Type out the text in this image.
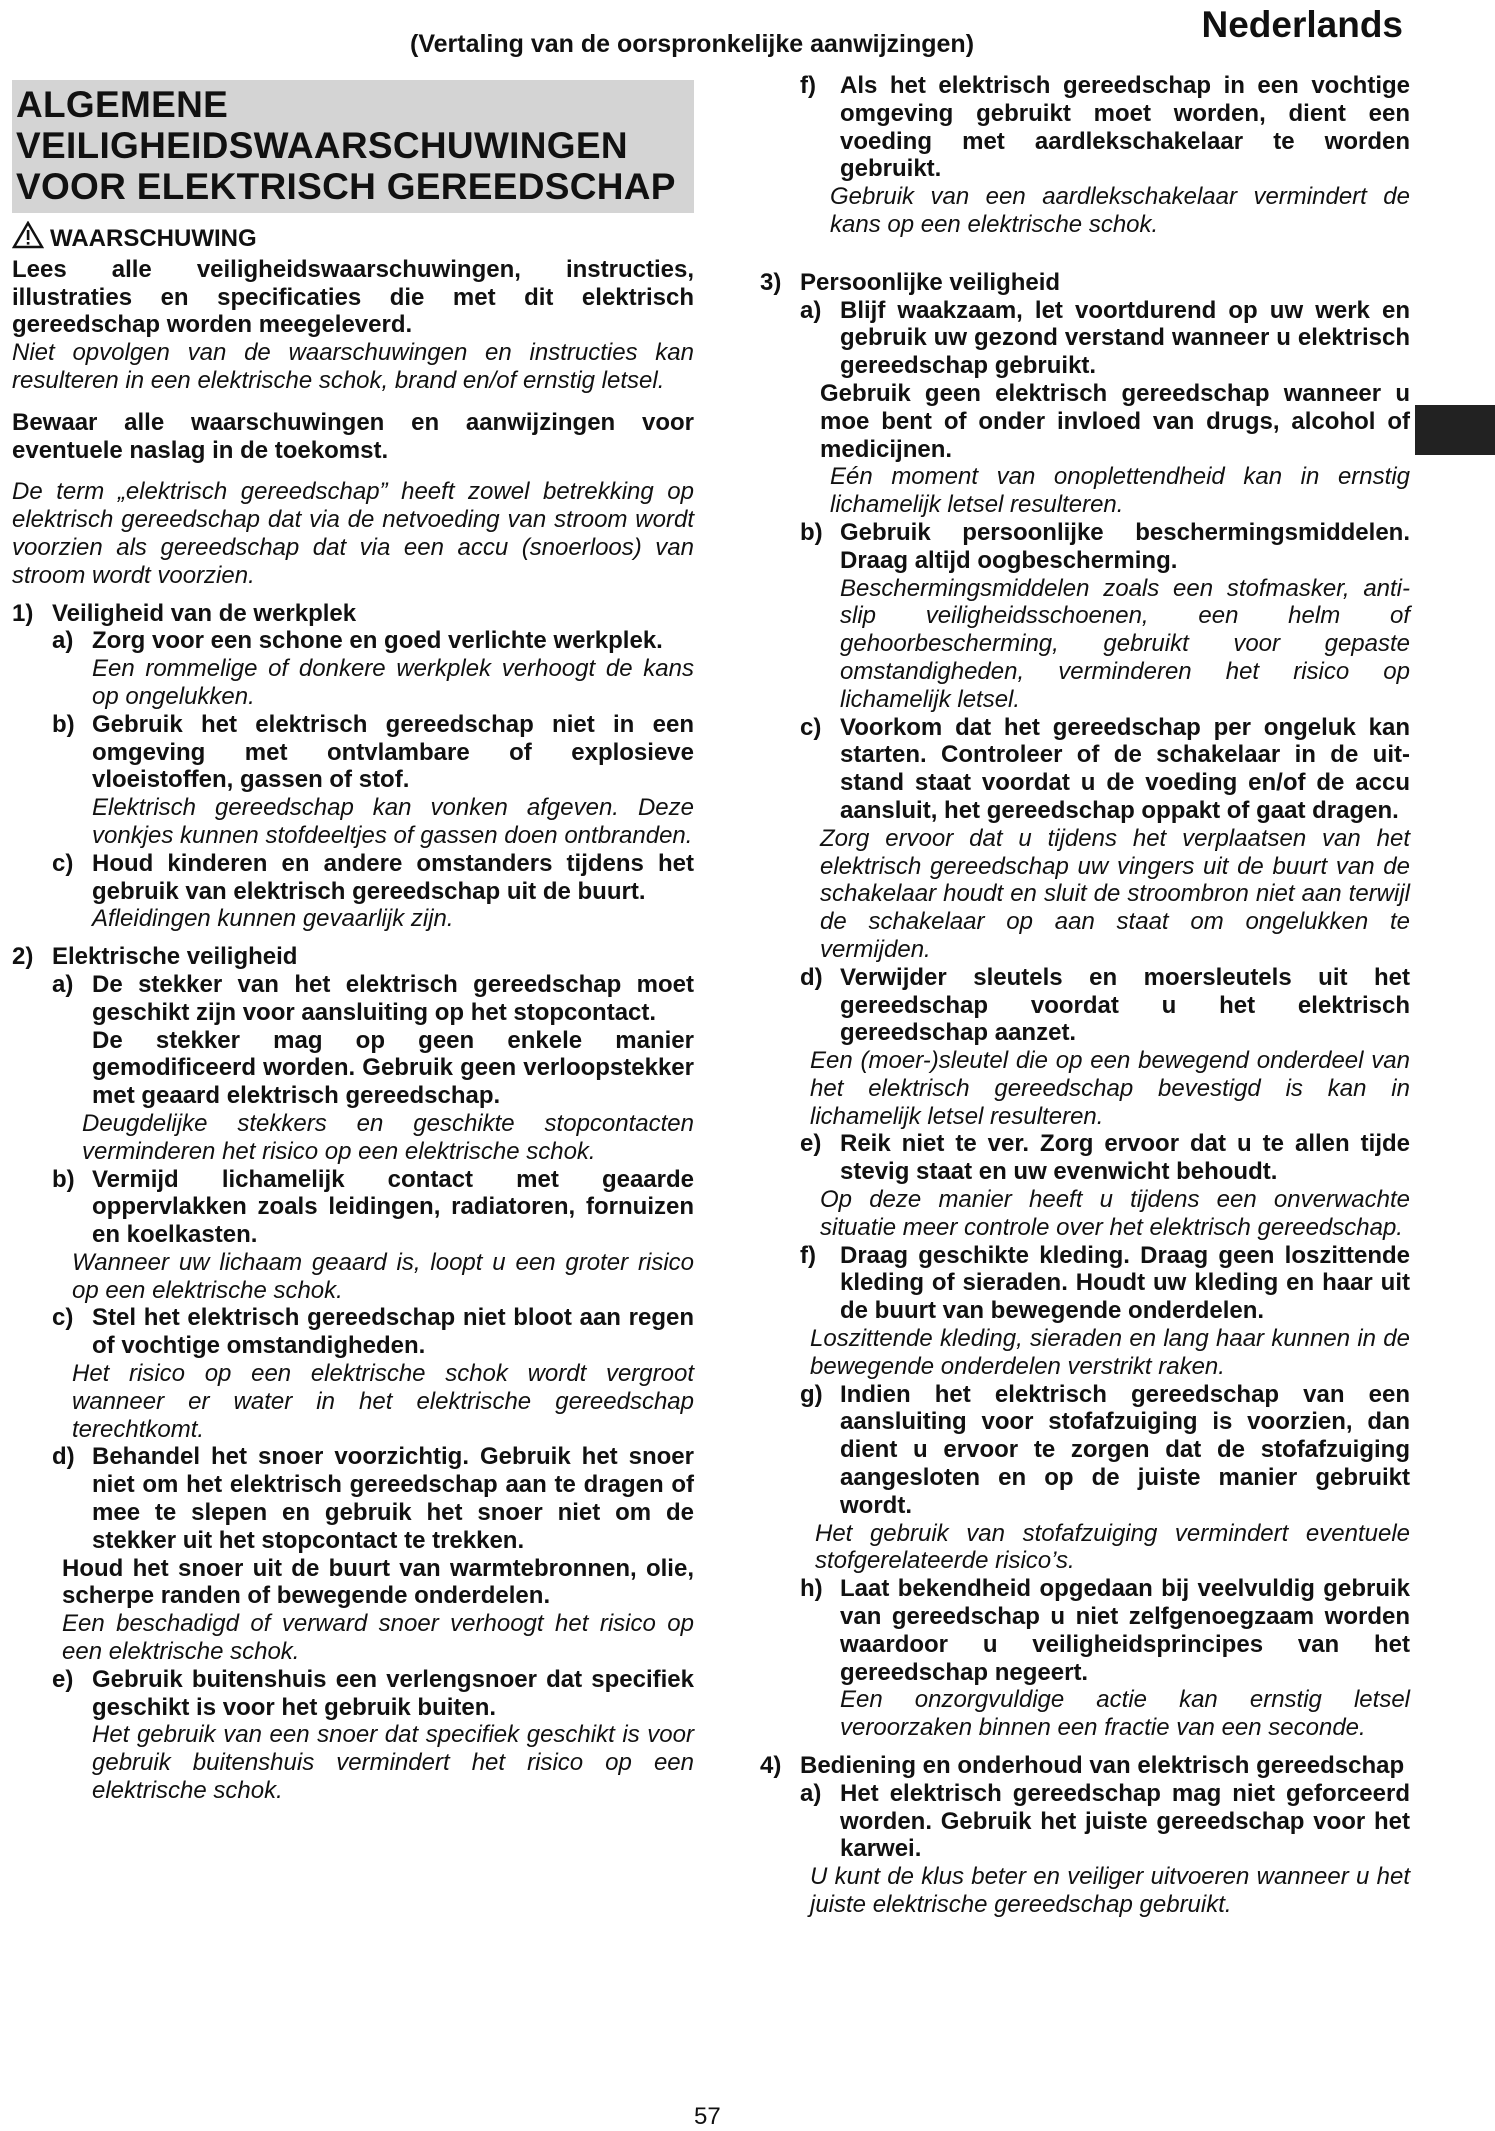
(Vertaling van de oorspronkelijke aanwijzingen)	Nederlands
ALGEMENE
VEILIGHEIDSWAARSCHUWINGEN
VOOR ELEKTRISCH GEREEDSCHAP
WAARSCHUWING
Lees alle veiligheidswaarschuwingen, instructies, illustraties en specificaties die met dit elektrisch gereedschap worden meegeleverd.
Niet opvolgen van de waarschuwingen en instructies kan resulteren in een elektrische schok, brand en/of ernstig letsel.
Bewaar alle waarschuwingen en aanwijzingen voor eventuele naslag in de toekomst.
De term „elektrisch gereedschap” heeft zowel betrekking op elektrisch gereedschap dat via de netvoeding van stroom wordt voorzien als gereedschap dat via een accu (snoerloos) van stroom wordt voorzien.
1) Veiligheid van de werkplek
a) Zorg voor een schone en goed verlichte werkplek.
Een rommelige of donkere werkplek verhoogt de kans op ongelukken.
b) Gebruik het elektrisch gereedschap niet in een omgeving met ontvlambare of explosieve vloeistoffen, gassen of stof.
Elektrisch gereedschap kan vonken afgeven. Deze vonkjes kunnen stofdeeltjes of gassen doen ontbranden.
c) Houd kinderen en andere omstanders tijdens het gebruik van elektrisch gereedschap uit de buurt.
Afleidingen kunnen gevaarlijk zijn.
2) Elektrische veiligheid
a) De stekker van het elektrisch gereedschap moet geschikt zijn voor aansluiting op het stopcontact.
De stekker mag op geen enkele manier gemodificeerd worden. Gebruik geen verloopstekker met geaard elektrisch gereedschap.
Deugdelijke stekkers en geschikte stopcontacten verminderen het risico op een elektrische schok.
b) Vermijd lichamelijk contact met geaarde oppervlakken zoals leidingen, radiatoren, fornuizen en koelkasten.
Wanneer uw lichaam geaard is, loopt u een groter risico op een elektrische schok.
c) Stel het elektrisch gereedschap niet bloot aan regen of vochtige omstandigheden.
Het risico op een elektrische schok wordt vergroot wanneer er water in het elektrische gereedschap terechtkomt.
d) Behandel het snoer voorzichtig. Gebruik het snoer niet om het elektrisch gereedschap aan te dragen of mee te slepen en gebruik het snoer niet om de stekker uit het stopcontact te trekken.
Houd het snoer uit de buurt van warmtebronnen, olie, scherpe randen of bewegende onderdelen.
Een beschadigd of verward snoer verhoogt het risico op een elektrische schok.
e) Gebruik buitenshuis een verlengsnoer dat specifiek geschikt is voor het gebruik buiten.
Het gebruik van een snoer dat specifiek geschikt is voor gebruik buitenshuis vermindert het risico op een elektrische schok.
f)	Als het elektrisch gereedschap in een vochtige omgeving gebruikt moet worden, dient een voeding met aardlekschakelaar te worden gebruikt.
Gebruik van een aardlekschakelaar vermindert de kans op een elektrische schok.
3) Persoonlijke veiligheid
a) Blijf waakzaam, let voortdurend op uw werk en gebruik uw gezond verstand wanneer u elektrisch gereedschap gebruikt.
Gebruik geen elektrisch gereedschap wanneer u moe bent of onder invloed van drugs, alcohol of medicijnen.
Eén moment van onoplettendheid kan in ernstig lichamelijk letsel resulteren.
b) Gebruik persoonlijke beschermingsmiddelen. Draag altijd oogbescherming.
Beschermingsmiddelen zoals een stofmasker, anti-slip veiligheidsschoenen, een helm of gehoorbescherming, gebruikt voor gepaste omstandigheden, verminderen het risico op lichamelijk letsel.
c) Voorkom dat het gereedschap per ongeluk kan starten. Controleer of de schakelaar in de uit-stand staat voordat u de voeding en/of de accu aansluit, het gereedschap oppakt of gaat dragen.
Zorg ervoor dat u tijdens het verplaatsen van het elektrisch gereedschap uw vingers uit de buurt van de schakelaar houdt en sluit de stroombron niet aan terwijl de schakelaar op aan staat om ongelukken te vermijden.
d) Verwijder sleutels en moersleutels uit het gereedschap voordat u het elektrisch gereedschap aanzet.
Een (moer-)sleutel die op een bewegend onderdeel van het elektrisch gereedschap bevestigd is kan in lichamelijk letsel resulteren.
e) Reik niet te ver. Zorg ervoor dat u te allen tijde stevig staat en uw evenwicht behoudt.
Op deze manier heeft u tijdens een onverwachte situatie meer controle over het elektrisch gereedschap.
f)	Draag geschikte kleding. Draag geen loszittende kleding of sieraden. Houdt uw kleding en haar uit de buurt van bewegende onderdelen.
Loszittende kleding, sieraden en lang haar kunnen in de bewegende onderdelen verstrikt raken.
g) Indien het elektrisch gereedschap van een aansluiting voor stofafzuiging is voorzien, dan dient u ervoor te zorgen dat de stofafzuiging aangesloten en op de juiste manier gebruikt wordt.
Het gebruik van stofafzuiging vermindert eventuele stofgerelateerde risico’s.
h) Laat bekendheid opgedaan bij veelvuldig gebruik van gereedschap u niet zelfgenoegzaam worden waardoor u veiligheidsprincipes van het gereedschap negeert.
Een onzorgvuldige actie kan ernstig letsel veroorzaken binnen een fractie van een seconde.
4) Bediening en onderhoud van elektrisch gereedschap
a) Het elektrisch gereedschap mag niet geforceerd worden. Gebruik het juiste gereedschap voor het karwei.
U kunt de klus beter en veiliger uitvoeren wanneer u het juiste elektrische gereedschap gebruikt.
57
